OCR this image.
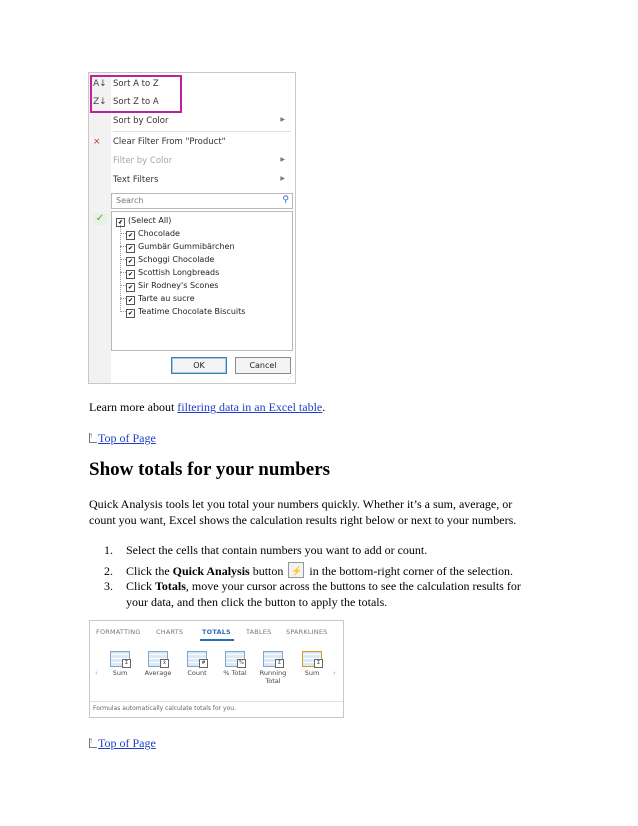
A↓ Sort A to Z
Z↓ Sort Z to A
Sort by Color	▶
⨯ Clear Filter From "Product"
Filter by Color	▶
Text Filters	▶
Search	⚲
✓	✔ (Select All)
✔ Chocolade
✔ Gumbär Gummibärchen
✔ Schoggi Chocolade
✔ Scottish Longbreads
✔ Sir Rodney's Scones
✔ Tarte au sucre
✔ Teatime Chocolate Biscuits
OK	Cancel
⋰
Learn more about filtering data in an Excel table.
↑Top of Page
Show totals for your numbers
Quick Analysis tools let you total your numbers quickly. Whether it’s a sum, average, or
count you want, Excel shows the calculation results right below or next to your numbers.
1. Select the cells that contain numbers you want to add or count.
2. Click the Quick Analysis button ⚡ in the bottom-right corner of the selection.
3. Click Totals, move your cursor across the buttons to see the calculation results for
your data, and then click the button to apply the totals.
FORMATTING CHARTS	TOTALS TABLES SPARKLINES
‹
Σ
Sum
x̄
Average
#
Count
%
% Total
Σ
Running Total
Σ
Sum	›
Formulas automatically calculate totals for you.
↑Top of Page
